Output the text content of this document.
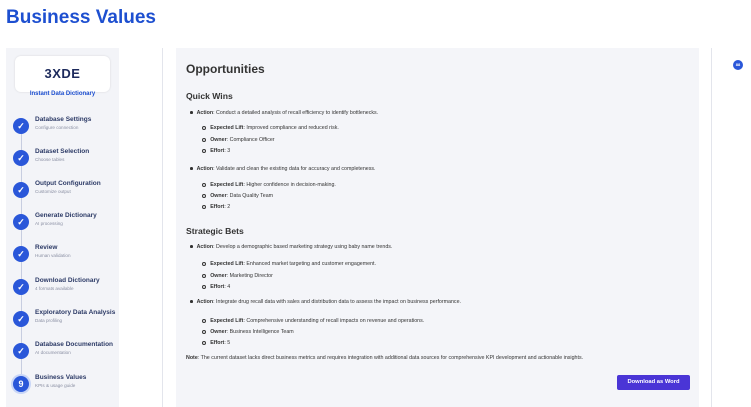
Business Values
3XDE
Instant Data Dictionary
✓
Database Settings
Configure connection
✓
Dataset Selection
Choose tables
✓
Output Configuration
Customize output
✓
Generate Dictionary
AI processing
✓
Review
Human validation
✓
Download Dictionary
4 formats available
✓
Exploratory Data Analysis
Data profiling
✓
Database Documentation
AI documentation
9
Business Values
KPIs & usage guide
Opportunities
Quick Wins
Action: Conduct a detailed analysis of recall efficiency to identify bottlenecks.
Expected Lift: Improved compliance and reduced risk.
Owner: Compliance Officer
Effort: 3
Action: Validate and clean the existing data for accuracy and completeness.
Expected Lift: Higher confidence in decision-making.
Owner: Data Quality Team
Effort: 2
Strategic Bets
Action: Develop a demographic based marketing strategy using baby name trends.
Expected Lift: Enhanced market targeting and customer engagement.
Owner: Marketing Director
Effort: 4
Action: Integrate drug recall data with sales and distribution data to assess the impact on business performance.
Expected Lift: Comprehensive understanding of recall impacts on revenue and operations.
Owner: Business Intelligence Team
Effort: 5
Note: The current dataset lacks direct business metrics and requires integration with additional data sources for comprehensive KPI development and actionable insights.
Download as Word
88
